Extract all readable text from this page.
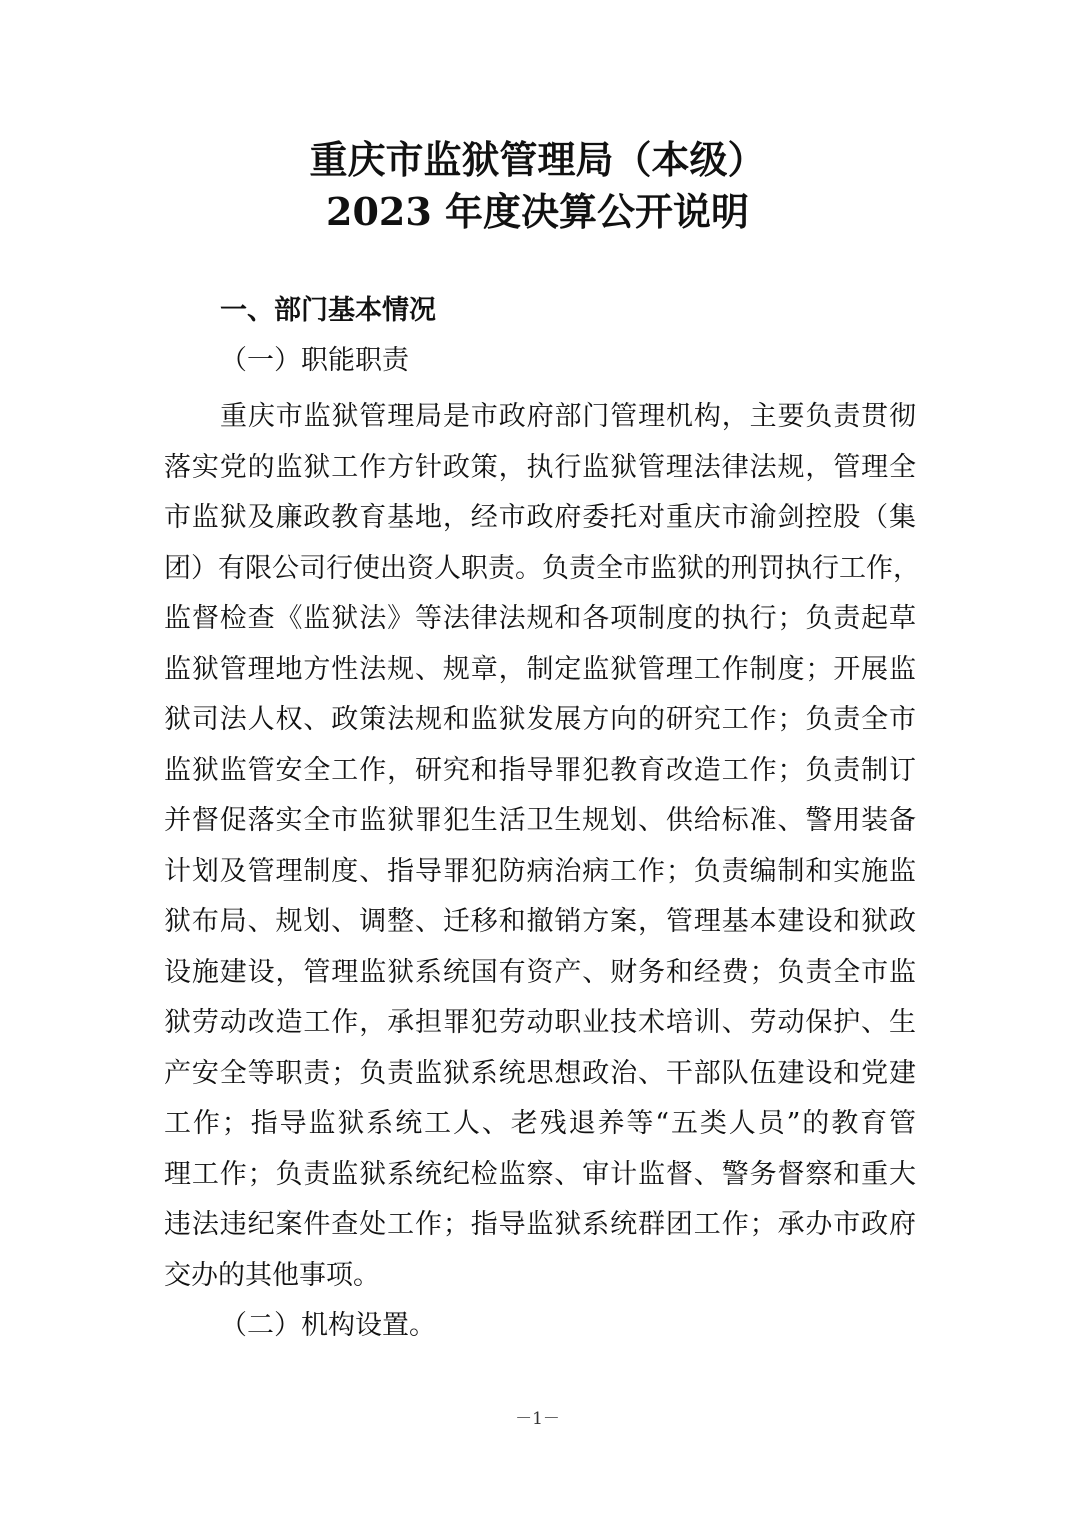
重庆市监狱管理局（本级）
2023 年度决算公开说明
一、部门基本情况
（一）职能职责
重庆市监狱管理局是市政府部门管理机构，主要负责贯彻
落实党的监狱工作方针政策，执行监狱管理法律法规，管理全
市监狱及廉政教育基地，经市政府委托对重庆市渝剑控股（集
团）有限公司行使出资人职责。负责全市监狱的刑罚执行工作，
监督检查《监狱法》等法律法规和各项制度的执行；负责起草
监狱管理地方性法规、规章，制定监狱管理工作制度；开展监
狱司法人权、政策法规和监狱发展方向的研究工作；负责全市
监狱监管安全工作，研究和指导罪犯教育改造工作；负责制订
并督促落实全市监狱罪犯生活卫生规划、供给标准、警用装备
计划及管理制度、指导罪犯防病治病工作；负责编制和实施监
狱布局、规划、调整、迁移和撤销方案，管理基本建设和狱政
设施建设，管理监狱系统国有资产、财务和经费；负责全市监
狱劳动改造工作，承担罪犯劳动职业技术培训、劳动保护、生
产安全等职责；负责监狱系统思想政治、干部队伍建设和党建
工作；指导监狱系统工人、老残退养等“五类人员”的教育管
理工作；负责监狱系统纪检监察、审计监督、警务督察和重大
违法违纪案件查处工作；指导监狱系统群团工作；承办市政府
交办的其他事项。
（二）机构设置。
－1－
